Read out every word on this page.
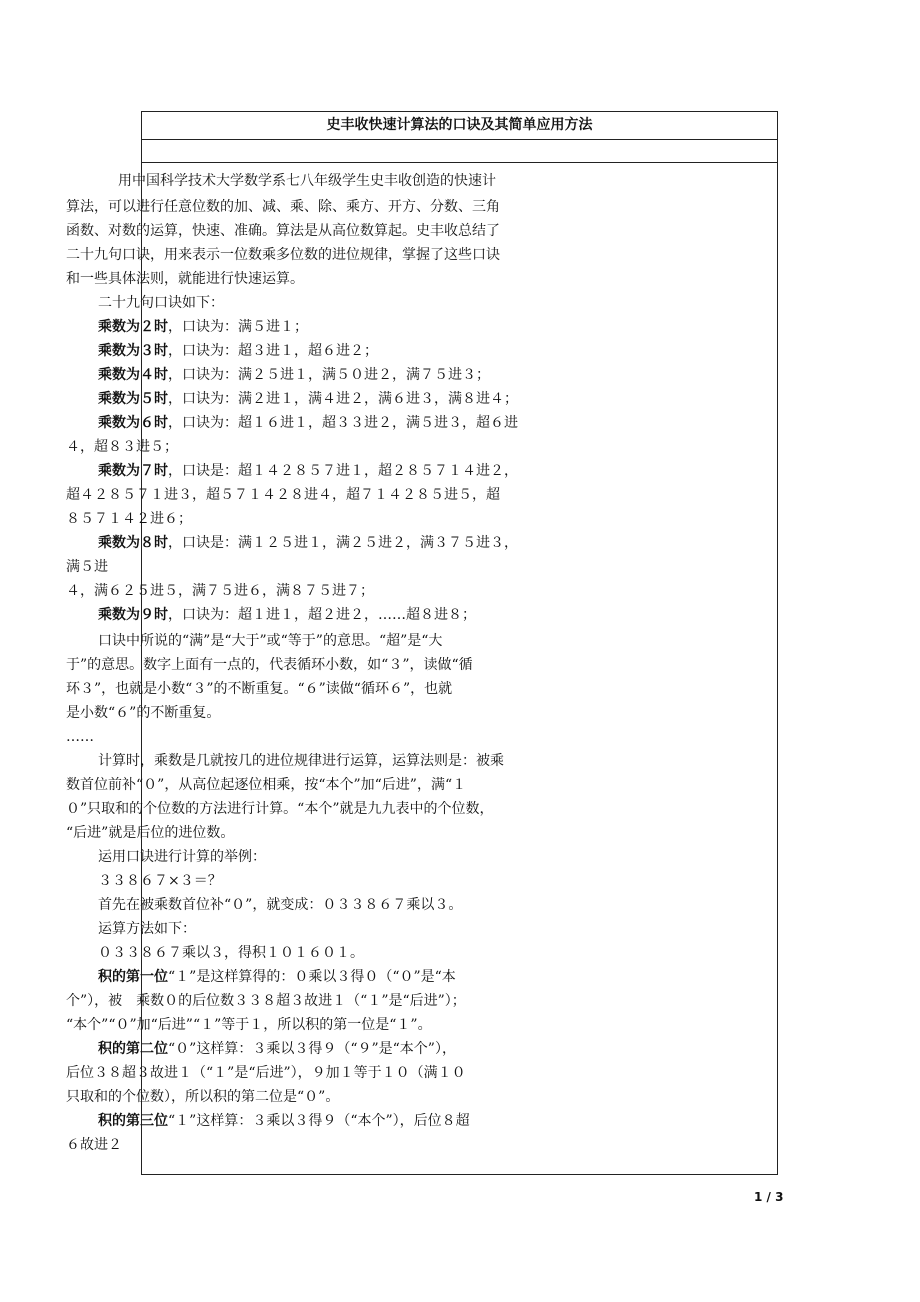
史丰收快速计算法的口诀及其简单应用方法
用中国科学技术大学数学系七八年级学生史丰收创造的快速计
算法，可以进行任意位数的加、减、乘、除、乘方、开方、分数、三角
函数、对数的运算，快速、准确。算法是从高位数算起。史丰收总结了
二十九句口诀，用来表示一位数乘多位数的进位规律，掌握了这些口诀
和一些具体法则，就能进行快速运算。
二十九句口诀如下：
乘数为２时，口诀为：满５进１；
乘数为３时，口诀为：超３进１，超６进２；
乘数为４时，口诀为：满２５进１，满５０进２，满７５进３；
乘数为５时，口诀为：满２进１，满４进２，满６进３，满８进４；
乘数为６时，口诀为：超１６进１，超３３进２，满５进３，超６进
４，超８３进５；
乘数为７时，口诀是：超１４２８５７进１，超２８５７１４进２，
超４２８５７１进３，超５７１４２８进４，超７１４２８５进５，超
８５７１４２进６；
乘数为８时，口诀是：满１２５进１，满２５进２，满３７５进３，
满５进
４，满６２５进５，满７５进６，满８７５进７；
乘数为９时，口诀为：超１进１，超２进２，……超８进８；
口诀中所说的“满”是“大于”或“等于”的意思。“超”是“大
于”的意思。数字上面有一点的，代表循环小数，如“３”，读做“循
环３”，也就是小数“３”的不断重复。“６”读做“循环６”，也就
是小数“６”的不断重复。
……
计算时，乘数是几就按几的进位规律进行运算，运算法则是：被乘
数首位前补“０”，从高位起逐位相乘，按“本个”加“后进”，满“１
０”只取和的个位数的方法进行计算。“本个”就是九九表中的个位数，
“后进”就是后位的进位数。
运用口诀进行计算的举例：
３３８６７×３＝？
首先在被乘数首位补“０”，就变成：０３３８６７乘以３。
运算方法如下：
０３３８６７乘以３，得积１０１６０１。
积的第一位“１”是这样算得的：０乘以３得０（“０”是“本
个”），被　乘数０的后位数３３８超３故进１（“１”是“后进”）；
“本个”“０”加“后进”“１”等于１，所以积的第一位是“１”。
积的第二位“０”这样算：３乘以３得９（“９”是“本个”），
后位３８超３故进１（“１”是“后进”），９加１等于１０（满１０
只取和的个位数），所以积的第二位是“０”。
积的第三位“１”这样算：３乘以３得９（“本个”），后位８超
６故进２
1 / 3
